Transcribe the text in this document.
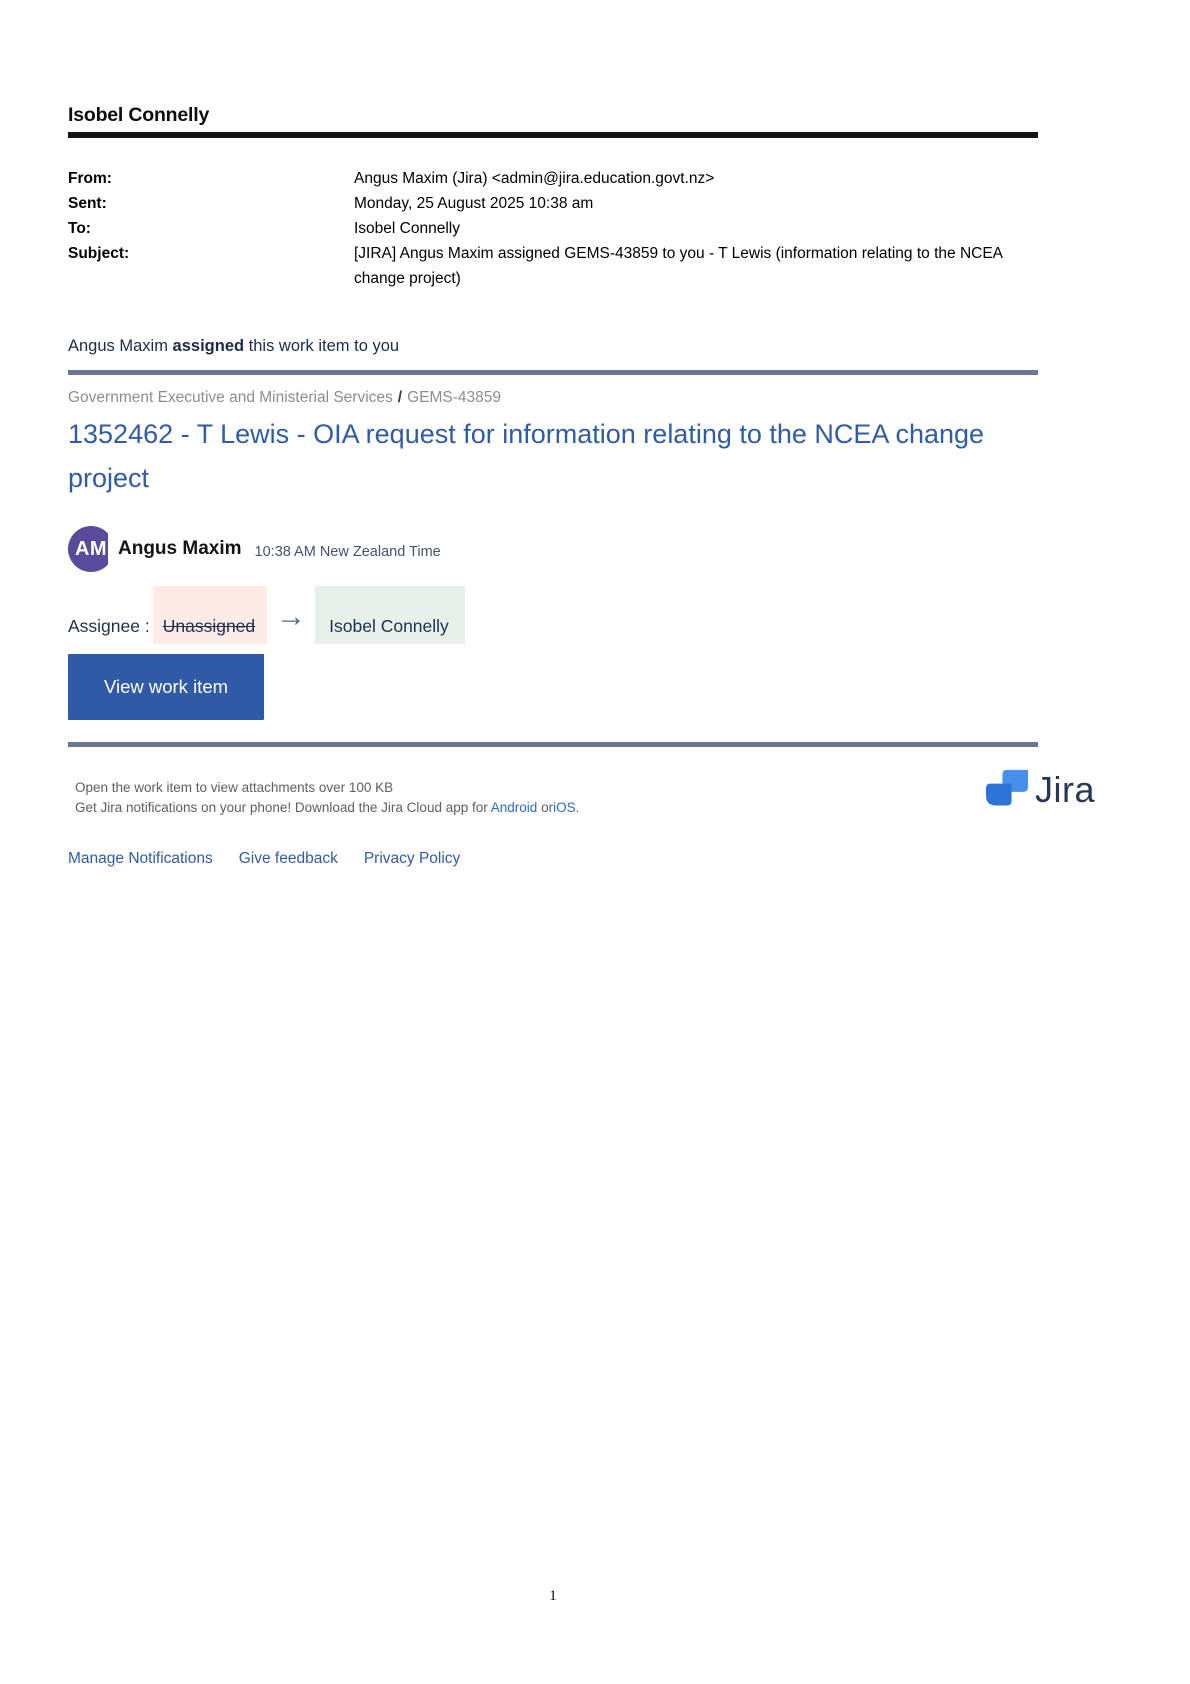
Isobel Connelly
From:	Angus Maxim (Jira) <admin@jira.education.govt.nz>
Sent:	Monday, 25 August 2025 10:38 am
To:	Isobel Connelly
Subject:	[JIRA] Angus Maxim assigned GEMS-43859 to you - T Lewis (information relating to the NCEA change project)
Angus Maxim assigned this work item to you
Government Executive and Ministerial Services / GEMS-43859
1352462 - T Lewis - OIA request for information relating to the NCEA change project
AM Angus Maxim 10:38 AM New Zealand Time
Assignee : Unassigned →	Isobel Connelly
View work item
Open the work item to view attachments over 100 KB
Get Jira notifications on your phone! Download the Jira Cloud app for Android oriOS.	Jira
Manage Notifications Give feedback Privacy Policy
1
